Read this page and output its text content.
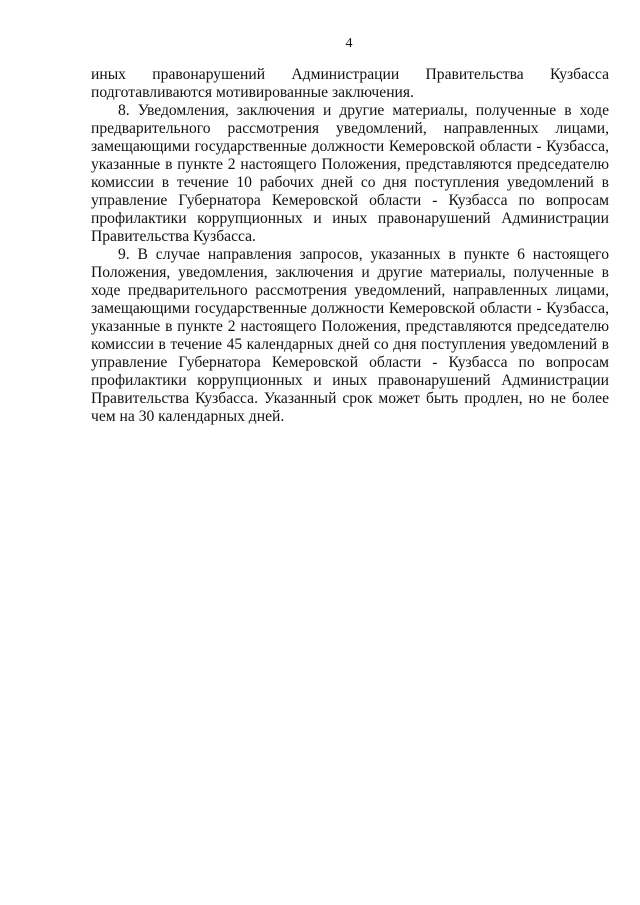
4

иных правонарушений Администрации Правительства Кузбасса
подготавливаются мотивированные заключения.

8. Уведомления, заключения и другие материалы, полученные в ходе предварительного рассмотрения уведомлений, направленных лицами, замещающими государственные должности Кемеровской области - Кузбасса, указанные в пункте 2 настоящего Положения, представляются председателю комиссии в течение 10 рабочих дней со дня поступления уведомлений в управление Губернатора Кемеровской области - Кузбасса по вопросам профилактики коррупционных и иных правонарушений Администрации Правительства Кузбасса.

9. В случае направления запросов, указанных в пункте 6 настоящего Положения, уведомления, заключения и другие материалы, полученные в ходе предварительного рассмотрения уведомлений, направленных лицами, замещающими государственные должности Кемеровской области - Кузбасса, указанные в пункте 2 настоящего Положения, представляются председателю комиссии в течение 45 календарных дней со дня поступления уведомлений в управление Губернатора Кемеровской области - Кузбасса по вопросам профилактики коррупционных и иных правонарушений Администрации Правительства Кузбасса. Указанный срок может быть продлен, но не более чем на 30 календарных дней.
